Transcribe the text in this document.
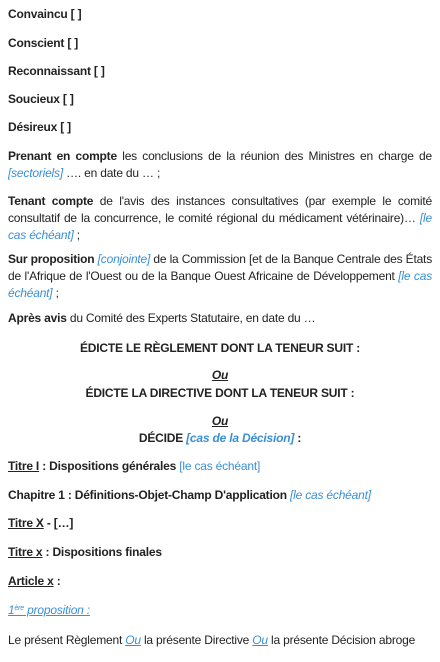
Convaincu [ ]

Conscient [ ]

Reconnaissant [ ]

Soucieux [ ]

Désireux [ ]

Prenant en compte les conclusions de la réunion des Ministres en charge de [sectoriels] …. en date du … ;

Tenant compte de l'avis des instances consultatives (par exemple le comité consultatif de la concurrence, le comité régional du médicament vétérinaire)… [le cas échéant] ;

Sur proposition [conjointe] de la Commission [et de la Banque Centrale des États de l'Afrique de l'Ouest ou de la Banque Ouest Africaine de Développement [le cas échéant] ;

Après avis du Comité des Experts Statutaire, en date du …

ÉDICTE LE RÈGLEMENT DONT LA TENEUR SUIT :

Ou

ÉDICTE LA DIRECTIVE DONT LA TENEUR SUIT :

Ou

DÉCIDE [cas de la Décision] :

Titre I : Dispositions générales [le cas échéant]

Chapitre 1 : Définitions-Objet-Champ D'application [le cas échéant]

Titre X - […]

Titre x : Dispositions finales

Article x :

1ère proposition :

Le présent Règlement Ou la présente Directive Ou la présente Décision abroge
